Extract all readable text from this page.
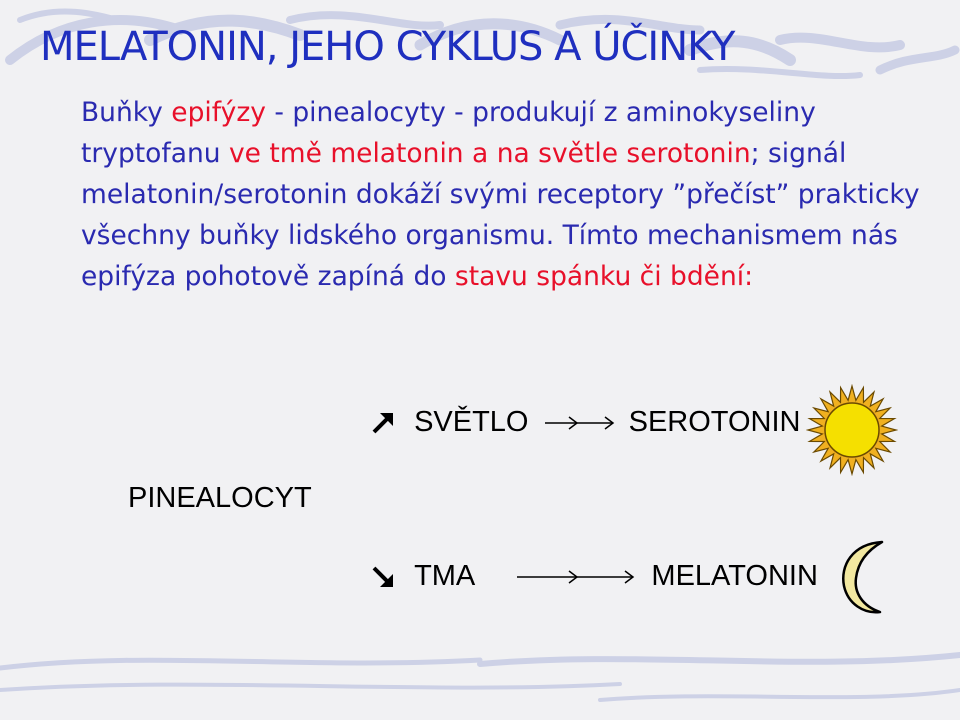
MELATONIN, JEHO CYKLUS A ÚČINKY
Buňky epifýzy - pinealocyty - produkují z aminokyseliny tryptofanu ve tmě melatonin a na světle serotonin; signál melatonin/serotonin dokáží svými receptory ”přečíst” prakticky všechny buňky lidského organismu. Tímto mechanismem nás epifýza pohotově zapíná do stavu spánku či bdění:
PINEALOCYT
SVĚTLO	SEROTONIN
TMA	MELATONIN
